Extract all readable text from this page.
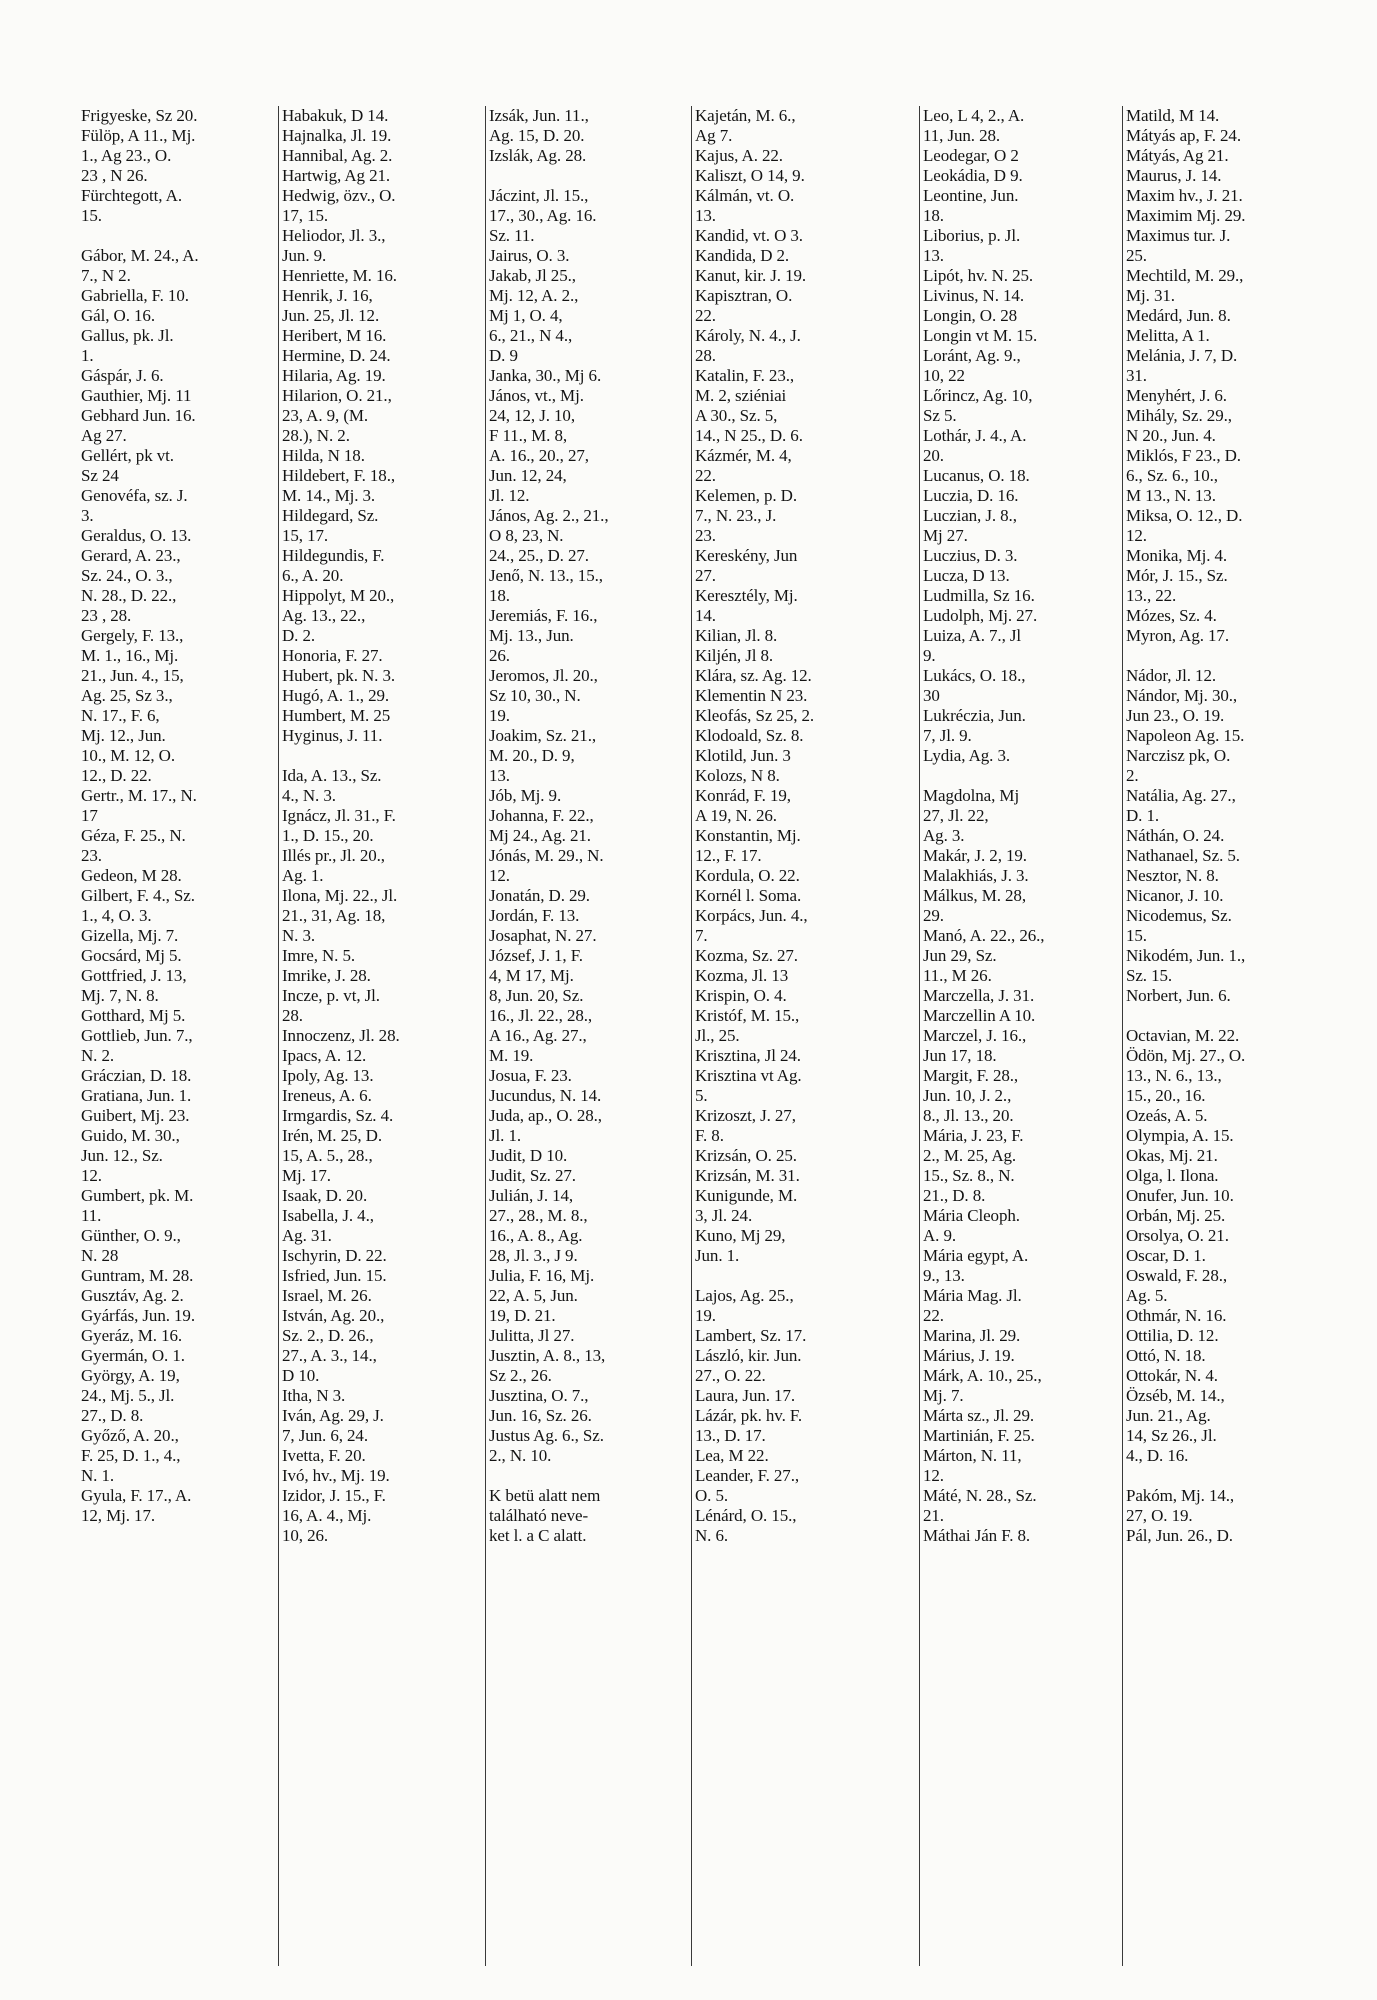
Frigyeske, Sz 20.
Fülöp, A 11., Mj.
1., Ag 23., O.
23 , N 26.
Fürchtegott, A.
15.
Gábor, M. 24., A.
7., N 2.
Gabriella, F. 10.
Gál, O. 16.
Gallus, pk. Jl.
1.
Gáspár, J. 6.
Gauthier, Mj. 11
Gebhard Jun. 16.
Ag 27.
Gellért, pk vt.
Sz 24
Genovéfa, sz. J.
3.
Geraldus, O. 13.
Gerard, A. 23.,
Sz. 24., O. 3.,
N. 28., D. 22.,
23 , 28.
Gergely, F. 13.,
M. 1., 16., Mj.
21., Jun. 4., 15,
Ag. 25, Sz 3.,
N. 17., F. 6,
Mj. 12., Jun.
10., M. 12, O.
12., D. 22.
Gertr., M. 17., N.
17
Géza, F. 25., N.
23.
Gedeon, M 28.
Gilbert, F. 4., Sz.
1., 4, O. 3.
Gizella, Mj. 7.
Gocsárd, Mj 5.
Gottfried, J. 13,
Mj. 7, N. 8.
Gotthard, Mj 5.
Gottlieb, Jun. 7.,
N. 2.
Gráczian, D. 18.
Gratiana, Jun. 1.
Guibert, Mj. 23.
Guido, M. 30.,
Jun. 12., Sz.
12.
Gumbert, pk. M.
11.
Günther, O. 9.,
N. 28
Guntram, M. 28.
Gusztáv, Ag. 2.
Gyárfás, Jun. 19.
Gyeráz, M. 16.
Gyermán, O. 1.
György, A. 19,
24., Mj. 5., Jl.
27., D. 8.
Győző, A. 20.,
F. 25, D. 1., 4.,
N. 1.
Gyula, F. 17., A.
12, Mj. 17.
Habakuk, D 14.
Hajnalka, Jl. 19.
Hannibal, Ag. 2.
Hartwig, Ag 21.
Hedwig, özv., O.
17, 15.
Heliodor, Jl. 3.,
Jun. 9.
Henriette, M. 16.
Henrik, J. 16,
Jun. 25, Jl. 12.
Heribert, M 16.
Hermine, D. 24.
Hilaria, Ag. 19.
Hilarion, O. 21.,
23, A. 9, (M.
28.), N. 2.
Hilda, N 18.
Hildebert, F. 18.,
M. 14., Mj. 3.
Hildegard, Sz.
15, 17.
Hildegundis, F.
6., A. 20.
Hippolyt, M 20.,
Ag. 13., 22.,
D. 2.
Honoria, F. 27.
Hubert, pk. N. 3.
Hugó, A. 1., 29.
Humbert, M. 25
Hyginus, J. 11.
Ida, A. 13., Sz.
4., N. 3.
Ignácz, Jl. 31., F.
1., D. 15., 20.
Illés pr., Jl. 20.,
Ag. 1.
Ilona, Mj. 22., Jl.
21., 31, Ag. 18,
N. 3.
Imre, N. 5.
Imrike, J. 28.
Incze, p. vt, Jl.
28.
Innoczenz, Jl. 28.
Ipacs, A. 12.
Ipoly, Ag. 13.
Ireneus, A. 6.
Irmgardis, Sz. 4.
Irén, M. 25, D.
15, A. 5., 28.,
Mj. 17.
Isaak, D. 20.
Isabella, J. 4.,
Ag. 31.
Ischyrin, D. 22.
Isfried, Jun. 15.
Israel, M. 26.
István, Ag. 20.,
Sz. 2., D. 26.,
27., A. 3., 14.,
D 10.
Itha, N 3.
Iván, Ag. 29, J.
7, Jun. 6, 24.
Ivetta, F. 20.
Ivó, hv., Mj. 19.
Izidor, J. 15., F.
16, A. 4., Mj.
10, 26.
Izsák, Jun. 11.,
Ag. 15, D. 20.
Izslák, Ag. 28.
Jáczint, Jl. 15.,
17., 30., Ag. 16.
Sz. 11.
Jairus, O. 3.
Jakab, Jl 25.,
Mj. 12, A. 2.,
Mj 1, O. 4,
6., 21., N 4.,
D. 9
Janka, 30., Mj 6.
János, vt., Mj.
24, 12, J. 10,
F 11., M. 8,
A. 16., 20., 27,
Jun. 12, 24,
Jl. 12.
János, Ag. 2., 21.,
O 8, 23, N.
24., 25., D. 27.
Jenő, N. 13., 15.,
18.
Jeremiás, F. 16.,
Mj. 13., Jun.
26.
Jeromos, Jl. 20.,
Sz 10, 30., N.
19.
Joakim, Sz. 21.,
M. 20., D. 9,
13.
Jób, Mj. 9.
Johanna, F. 22.,
Mj 24., Ag. 21.
Jónás, M. 29., N.
12.
Jonatán, D. 29.
Jordán, F. 13.
Josaphat, N. 27.
József, J. 1, F.
4, M 17, Mj.
8, Jun. 20, Sz.
16., Jl. 22., 28.,
A 16., Ag. 27.,
M. 19.
Josua, F. 23.
Jucundus, N. 14.
Juda, ap., O. 28.,
Jl. 1.
Judit, D 10.
Judit, Sz. 27.
Julián, J. 14,
27., 28., M. 8.,
16., A. 8., Ag.
28, Jl. 3., J 9.
Julia, F. 16, Mj.
22, A. 5, Jun.
19, D. 21.
Julitta, Jl 27.
Jusztin, A. 8., 13,
Sz 2., 26.
Jusztina, O. 7.,
Jun. 16, Sz. 26.
Justus Ag. 6., Sz.
2., N. 10.
K betü alatt nem
található neve-
ket l. a C alatt.
Kajetán, M. 6.,
Ag 7.
Kajus, A. 22.
Kaliszt, O 14, 9.
Kálmán, vt. O.
13.
Kandid, vt. O 3.
Kandida, D 2.
Kanut, kir. J. 19.
Kapisztran, O.
22.
Károly, N. 4., J.
28.
Katalin, F. 23.,
M. 2, sziéniai
A 30., Sz. 5,
14., N 25., D. 6.
Kázmér, M. 4,
22.
Kelemen, p. D.
7., N. 23., J.
23.
Kereskény, Jun
27.
Keresztély, Mj.
14.
Kilian, Jl. 8.
Kiljén, Jl 8.
Klára, sz. Ag. 12.
Klementin N 23.
Kleofás, Sz 25, 2.
Klodoald, Sz. 8.
Klotild, Jun. 3
Kolozs, N 8.
Konrád, F. 19,
A 19, N. 26.
Konstantin, Mj.
12., F. 17.
Kordula, O. 22.
Kornél l. Soma.
Korpács, Jun. 4.,
7.
Kozma, Sz. 27.
Kozma, Jl. 13
Krispin, O. 4.
Kristóf, M. 15.,
Jl., 25.
Krisztina, Jl 24.
Krisztina vt Ag.
5.
Krizoszt, J. 27,
F. 8.
Krizsán, O. 25.
Krizsán, M. 31.
Kunigunde, M.
3, Jl. 24.
Kuno, Mj 29,
Jun. 1.
Lajos, Ag. 25.,
19.
Lambert, Sz. 17.
László, kir. Jun.
27., O. 22.
Laura, Jun. 17.
Lázár, pk. hv. F.
13., D. 17.
Lea, M 22.
Leander, F. 27.,
O. 5.
Lénárd, O. 15.,
N. 6.
Leo, L 4, 2., A.
11, Jun. 28.
Leodegar, O 2
Leokádia, D 9.
Leontine, Jun.
18.
Liborius, p. Jl.
13.
Lipót, hv. N. 25.
Livinus, N. 14.
Longin, O. 28
Longin vt M. 15.
Loránt, Ag. 9.,
10, 22
Lőrincz, Ag. 10,
Sz 5.
Lothár, J. 4., A.
20.
Lucanus, O. 18.
Luczia, D. 16.
Luczian, J. 8.,
Mj 27.
Luczius, D. 3.
Lucza, D 13.
Ludmilla, Sz 16.
Ludolph, Mj. 27.
Luiza, A. 7., Jl
9.
Lukács, O. 18.,
30
Lukréczia, Jun.
7, Jl. 9.
Lydia, Ag. 3.
Magdolna, Mj
27, Jl. 22,
Ag. 3.
Makár, J. 2, 19.
Malakhiás, J. 3.
Málkus, M. 28,
29.
Manó, A. 22., 26.,
Jun 29, Sz.
11., M 26.
Marczella, J. 31.
Marczellin A 10.
Marczel, J. 16.,
Jun 17, 18.
Margit, F. 28.,
Jun. 10, J. 2.,
8., Jl. 13., 20.
Mária, J. 23, F.
2., M. 25, Ag.
15., Sz. 8., N.
21., D. 8.
Mária Cleoph.
A. 9.
Mária egypt, A.
9., 13.
Mária Mag. Jl.
22.
Marina, Jl. 29.
Márius, J. 19.
Márk, A. 10., 25.,
Mj. 7.
Márta sz., Jl. 29.
Martinián, F. 25.
Márton, N. 11,
12.
Máté, N. 28., Sz.
21.
Máthai Ján F. 8.
Matild, M 14.
Mátyás ap, F. 24.
Mátyás, Ag 21.
Maurus, J. 14.
Maxim hv., J. 21.
Maximim Mj. 29.
Maximus tur. J.
25.
Mechtild, M. 29.,
Mj. 31.
Medárd, Jun. 8.
Melitta, A 1.
Melánia, J. 7, D.
31.
Menyhért, J. 6.
Mihály, Sz. 29.,
N 20., Jun. 4.
Miklós, F 23., D.
6., Sz. 6., 10.,
M 13., N. 13.
Miksa, O. 12., D.
12.
Monika, Mj. 4.
Mór, J. 15., Sz.
13., 22.
Mózes, Sz. 4.
Myron, Ag. 17.
Nádor, Jl. 12.
Nándor, Mj. 30.,
Jun 23., O. 19.
Napoleon Ag. 15.
Narczisz pk, O.
2.
Natália, Ag. 27.,
D. 1.
Náthán, O. 24.
Nathanael, Sz. 5.
Nesztor, N. 8.
Nicanor, J. 10.
Nicodemus, Sz.
15.
Nikodém, Jun. 1.,
Sz. 15.
Norbert, Jun. 6.
Octavian, M. 22.
Ödön, Mj. 27., O.
13., N. 6., 13.,
15., 20., 16.
Ozeás, A. 5.
Olympia, A. 15.
Okas, Mj. 21.
Olga, l. Ilona.
Onufer, Jun. 10.
Orbán, Mj. 25.
Orsolya, O. 21.
Oscar, D. 1.
Oswald, F. 28.,
Ag. 5.
Othmár, N. 16.
Ottilia, D. 12.
Ottó, N. 18.
Ottokár, N. 4.
Özséb, M. 14.,
Jun. 21., Ag.
14, Sz 26., Jl.
4., D. 16.
Pakóm, Mj. 14.,
27, O. 19.
Pál, Jun. 26., D.
